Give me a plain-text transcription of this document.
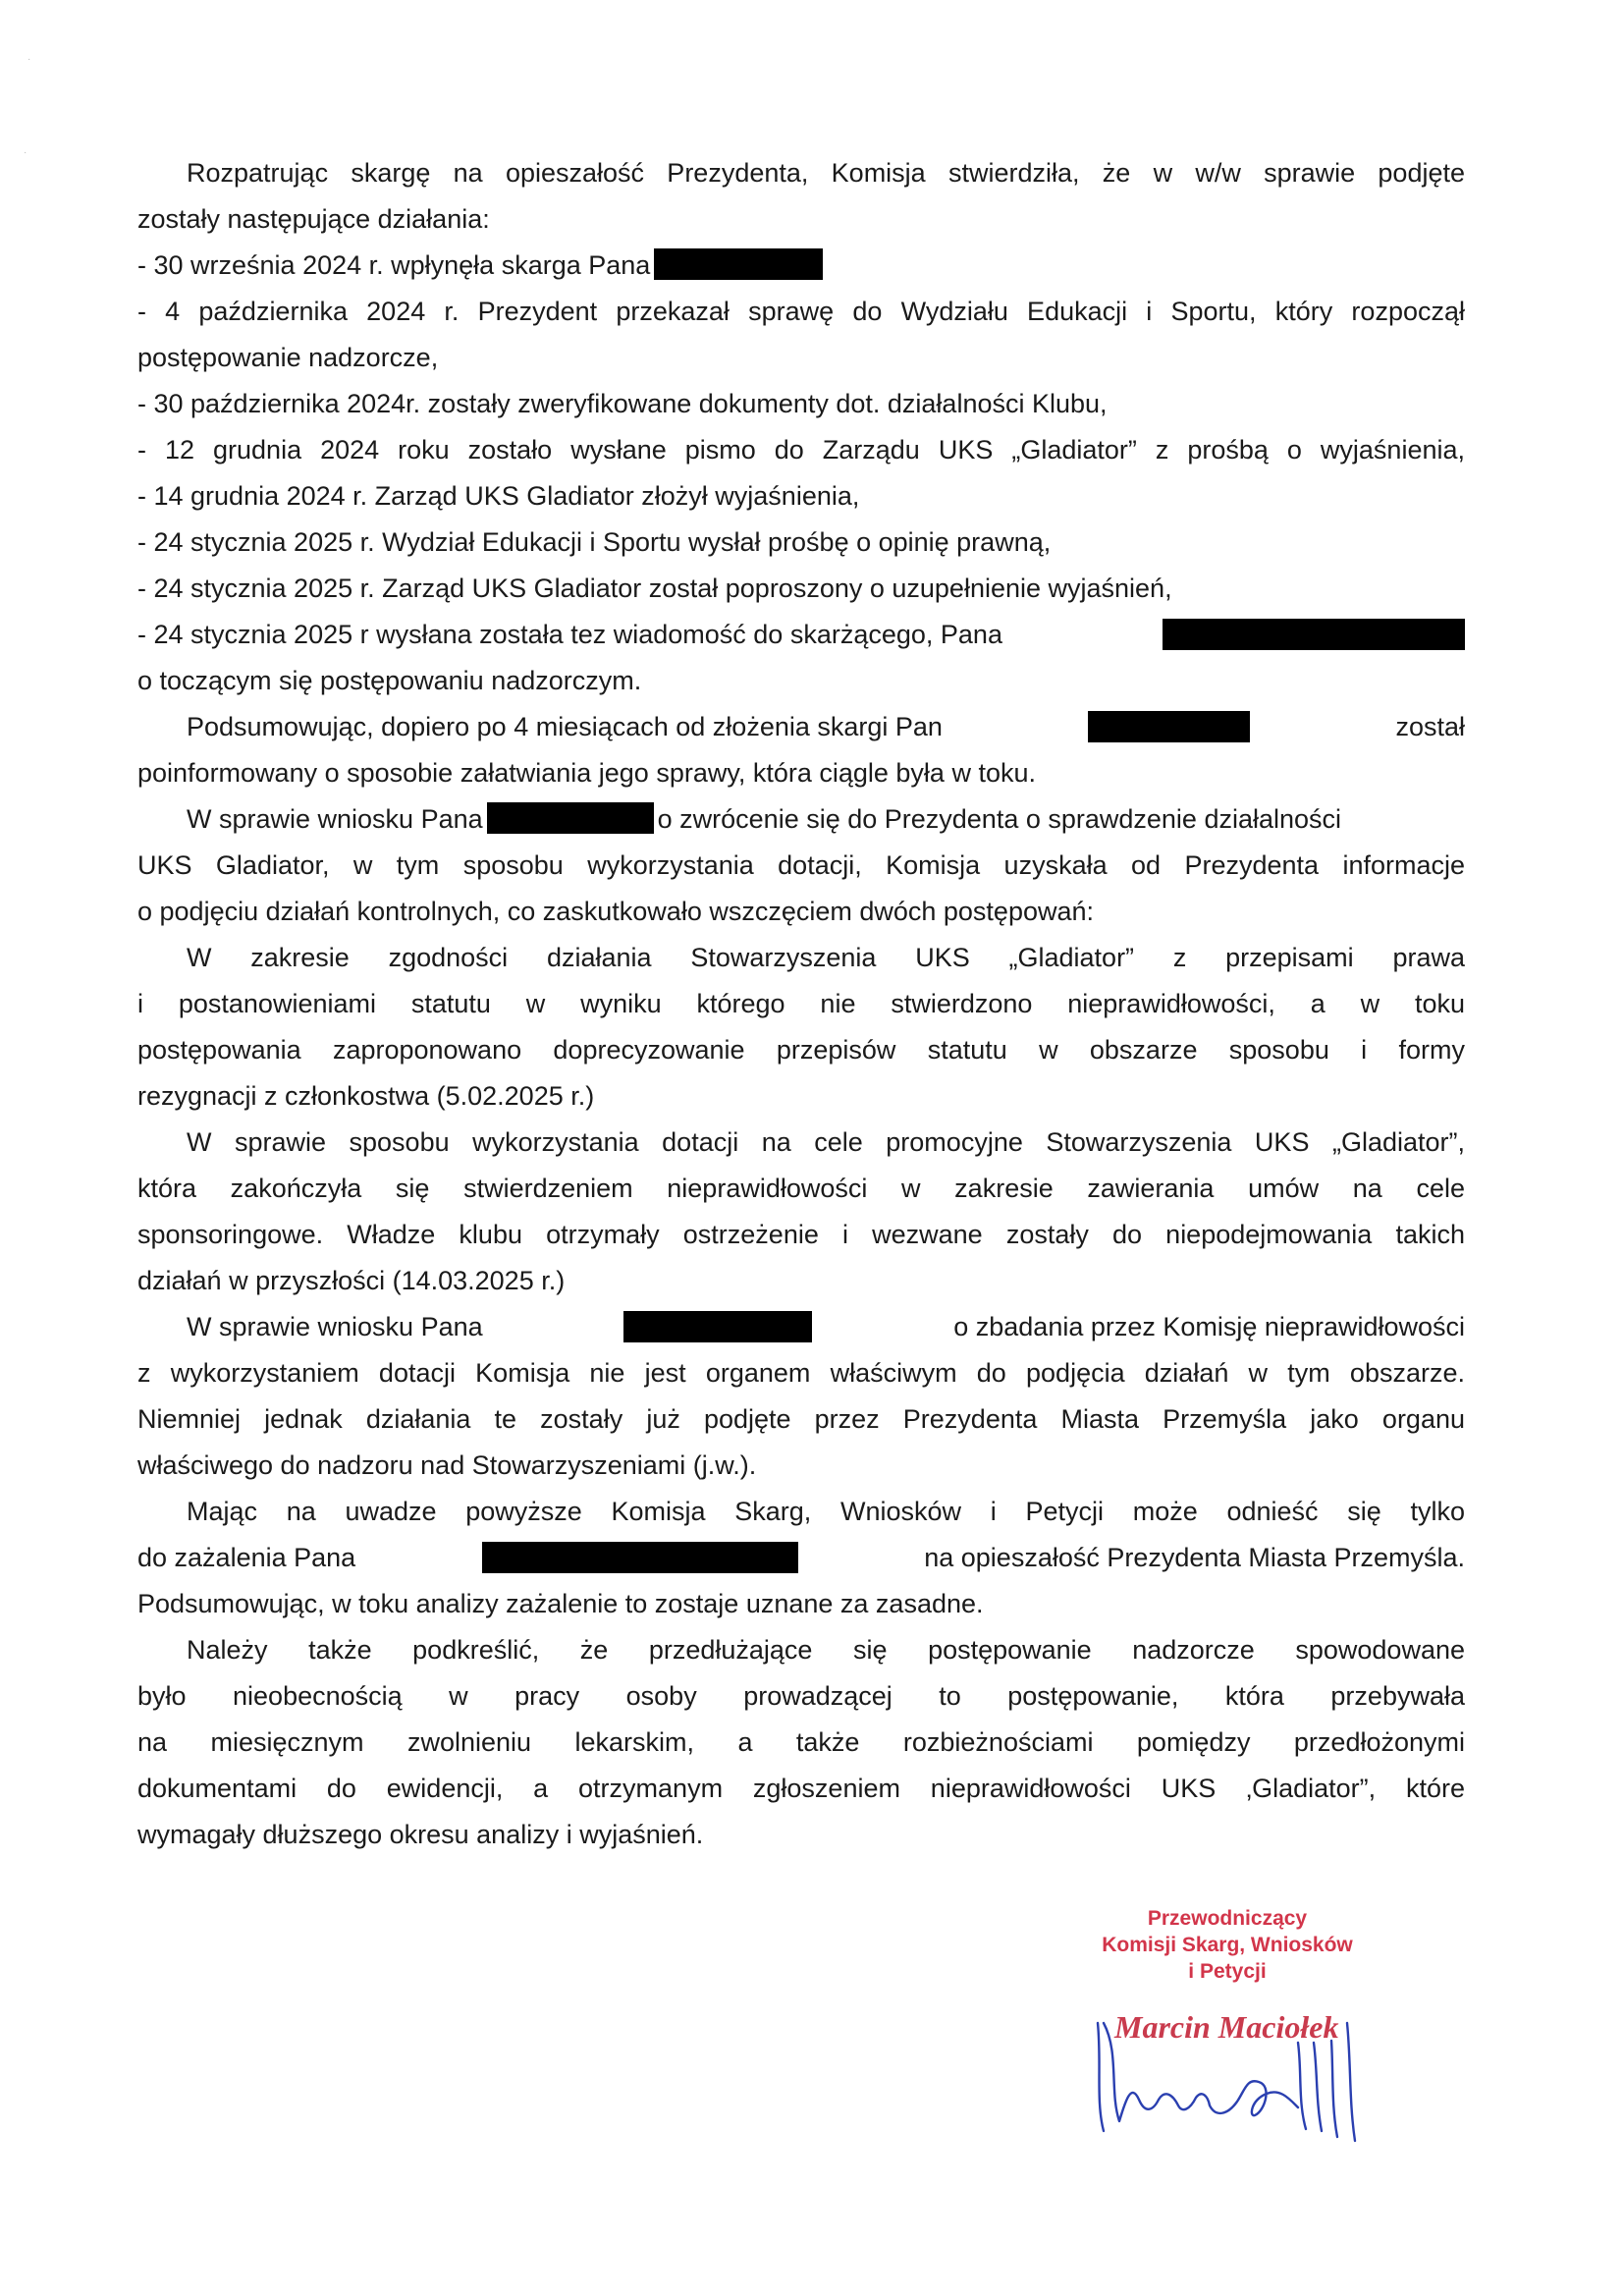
·
·
Rozpatrując skargę na opieszałość Prezydenta, Komisja stwierdziła, że w w/w sprawie podjęte
zostały następujące działania:
- 30 września 2024 r. wpłynęła skarga Pana
- 4 października 2024 r. Prezydent przekazał sprawę do Wydziału Edukacji i Sportu, który rozpoczął
postępowanie nadzorcze,
- 30 października 2024r. zostały zweryfikowane dokumenty dot. działalności Klubu,
- 12 grudnia 2024 roku zostało wysłane pismo do Zarządu UKS „Gladiator” z prośbą o wyjaśnienia,
- 14 grudnia 2024 r. Zarząd UKS Gladiator złożył wyjaśnienia,
- 24 stycznia 2025 r. Wydział Edukacji i Sportu wysłał prośbę o opinię prawną,
- 24 stycznia 2025 r. Zarząd UKS Gladiator został poproszony o uzupełnienie wyjaśnień,
- 24 stycznia 2025 r wysłana została tez wiadomość do skarżącego, Pana
o toczącym się postępowaniu nadzorczym.
Podsumowując, dopiero po 4 miesiącach od złożenia skargi Pan	został
poinformowany o sposobie załatwiania jego sprawy, która ciągle była w toku.
W sprawie wniosku Pana	o zwrócenie się do Prezydenta o sprawdzenie działalności
UKS Gladiator, w tym sposobu wykorzystania dotacji, Komisja uzyskała od Prezydenta informacje
o podjęciu działań kontrolnych, co zaskutkowało wszczęciem dwóch postępowań:
W zakresie zgodności działania Stowarzyszenia UKS „Gladiator” z przepisami prawa
i postanowieniami statutu w wyniku którego nie stwierdzono nieprawidłowości, a w toku
postępowania zaproponowano doprecyzowanie przepisów statutu w obszarze sposobu i formy
rezygnacji z członkostwa (5.02.2025 r.)
W sprawie sposobu wykorzystania dotacji na cele promocyjne Stowarzyszenia UKS „Gladiator”,
która zakończyła się stwierdzeniem nieprawidłowości w zakresie zawierania umów na cele
sponsoringowe. Władze klubu otrzymały ostrzeżenie i wezwane zostały do niepodejmowania takich
działań w przyszłości (14.03.2025 r.)
W sprawie wniosku Pana	o zbadania przez Komisję nieprawidłowości
z wykorzystaniem dotacji Komisja nie jest organem właściwym do podjęcia działań w tym obszarze.
Niemniej jednak działania te zostały już podjęte przez Prezydenta Miasta Przemyśla jako organu
właściwego do nadzoru nad Stowarzyszeniami (j.w.).
Mając na uwadze powyższe Komisja Skarg, Wniosków i Petycji może odnieść się tylko
do zażalenia Pana	na opieszałość Prezydenta Miasta Przemyśla.
Podsumowując, w toku analizy zażalenie to zostaje uznane za zasadne.
Należy także podkreślić, że przedłużające się postępowanie nadzorcze spowodowane
było nieobecnością w pracy osoby prowadzącej to postępowanie, która przebywała
na miesięcznym zwolnieniu lekarskim, a także rozbieżnościami pomiędzy przedłożonymi
dokumentami do ewidencji, a otrzymanym zgłoszeniem nieprawidłowości UKS ‚Gladiator”, które
wymagały dłuższego okresu analizy i wyjaśnień.
Przewodniczący
Komisji Skarg, Wniosków
i Petycji
Marcin Maciołek
